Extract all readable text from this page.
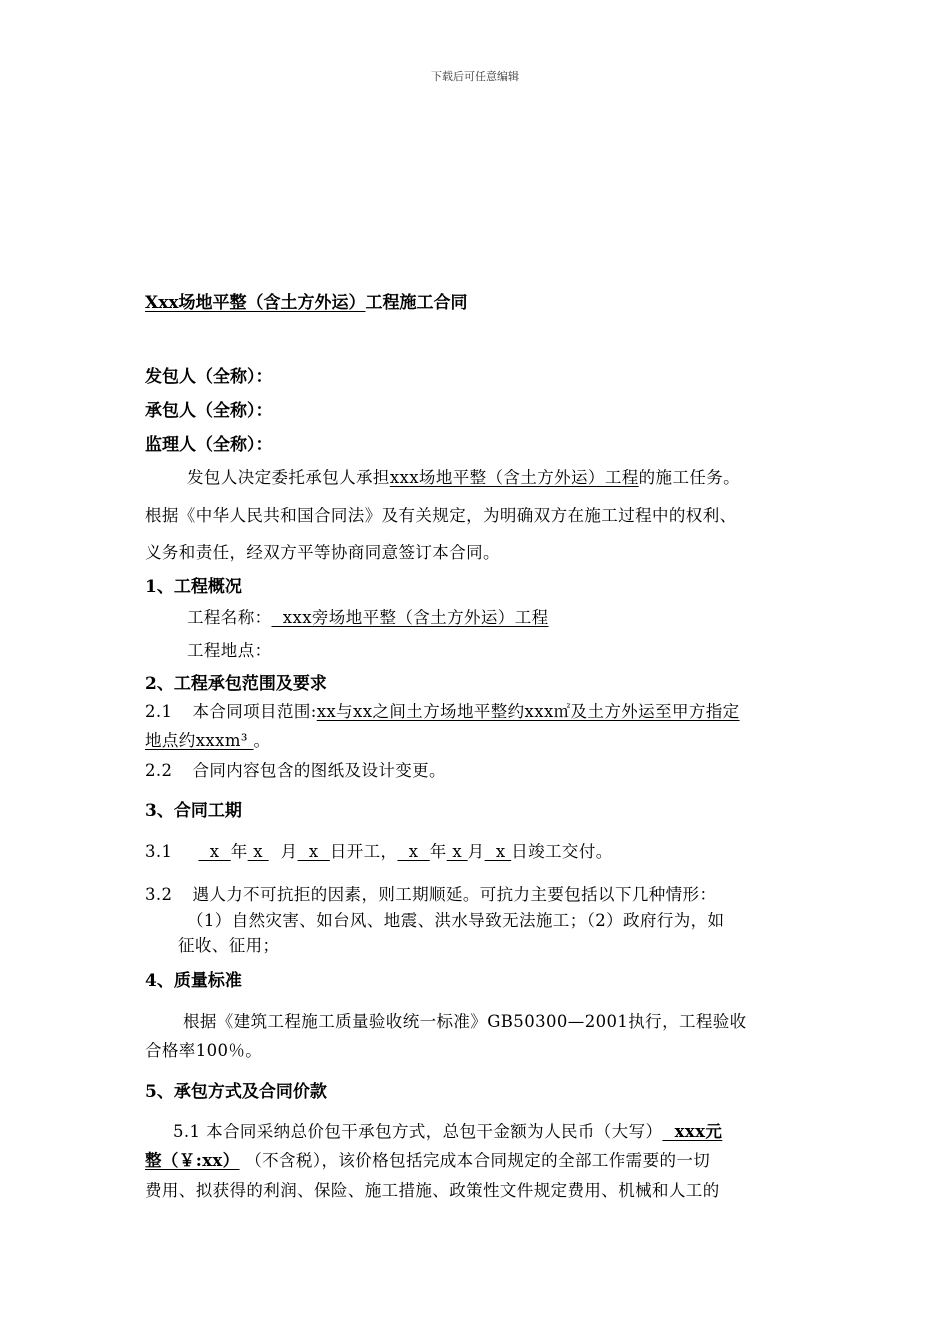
下载后可任意编辑
Xxx场地平整（含土方外运）工程施工合同
发包人（全称）：
承包人（全称）：
监理人（全称）：
发包人决定委托承包人承担xxx场地平整（含土方外运）工程的施工任务。
根据《中华人民共和国合同法》及有关规定，为明确双方在施工过程中的权利、
义务和责任，经双方平等协商同意签订本合同。
1、工程概况
工程名称：  xxx旁场地平整（含土方外运）工程
工程地点：
2、工程承包范围及要求
2.1 本合同项目范围:xx与xx之间土方场地平整约xxx㎡及土方外运至甲方指定
地点约xxxm³ 。
2.2 合同内容包含的图纸及设计变更。
3、合同工期
3.1  x  年 x 月  x  日开工，  x  年 x 月  x 日竣工交付。
3.2 遇人力不可抗拒的因素，则工期顺延。可抗力主要包括以下几种情形：
（1）自然灾害、如台风、地震、洪水导致无法施工；（2）政府行为，如
征收、征用；
4、质量标准
根据《建筑工程施工质量验收统一标准》GB50300—2001执行，工程验收
合格率100％。
5、承包方式及合同价款
5.1 本合同采纳总价包干承包方式，总包干金额为人民币（大写）  xxx元
整（￥:xx） （不含税），该价格包括完成本合同规定的全部工作需要的一切
费用、拟获得的利润、保险、施工措施、政策性文件规定费用、机械和人工的
